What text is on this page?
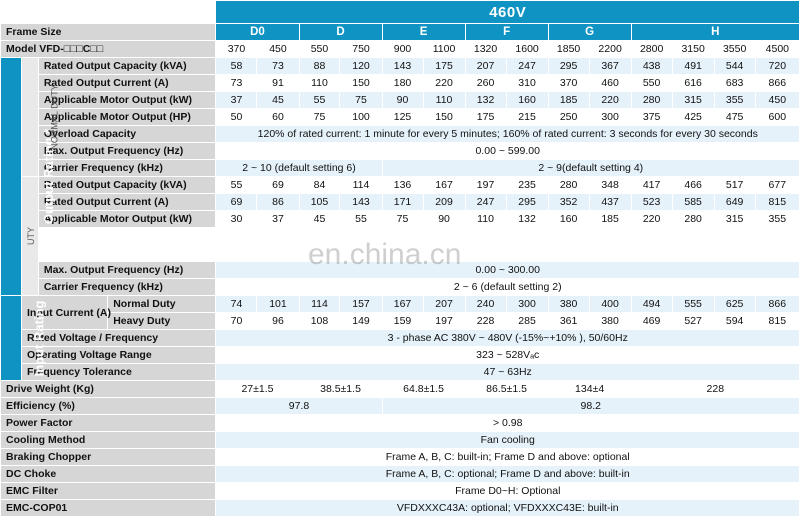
				460V													
Frame Size				D0		D		E		F		G		H			
Model VFD-□□□C□□				370	450	550	750	900	1100	1320	1600	1850	2200	2800	3150	3550	4500
Output Rating *	NORMAL DUTY	Rated Output Capacity (kVA)		58	73	88	120	143	175	207	247	295	367	438	491	544	720
		Rated Output Current (A)		73	91	110	150	180	220	260	310	370	460	550	616	683	866
		Applicable Motor Output (kW)		37	45	55	75	90	110	132	160	185	220	280	315	355	450
		Applicable Motor Output (HP)		50	60	75	100	125	150	175	215	250	300	375	425	475	600
		Overload Capacity		120% of rated current: 1 minute for every 5 minutes; 160% of rated current: 3 seconds for every 30 seconds													
		Max. Output Frequency (Hz)		0.00 ~ 599.00													
		Carrier Frequency (kHz)		2 ~ 10 (default setting 6)				2 ~ 9(default setting 4)									
	UTY	Rated Output Capacity (kVA)		55	69	84	114	136	167	197	235	280	348	417	466	517	677
		Rated Output Current (A)		69	86	105	143	171	209	247	295	352	437	523	585	649	815
		Applicable Motor Output (kW)		30	37	45	55	75	90	110	132	160	185	220	280	315	355

		Max. Output Frequency (Hz)		0.00 ~ 300.00													
		Carrier Frequency (kHz)		2 ~ 6 (default setting 2)													
Input Rating	Input Current (A)		Normal Duty	74	101	114	157	167	207	240	300	380	400	494	555	625	866
			Heavy Duty	70	96	108	149	159	197	228	285	361	380	469	527	594	815
	Rated Voltage / Frequency			3 - phase AC 380V ~ 480V (-15%~+10% ), 50/60Hz													
	Operating Voltage Range			323 ~ 528Vₐc													
	Frequency Tolerance			47 ~ 63Hz													
Drive Weight (Kg)				27±1.5		38.5±1.5		64.8±1.5		86.5±1.5		134±4		228			
Efficiency (%)				97.8				98.2									
Power Factor				> 0.98													
Cooling Method				Fan cooling													
Braking Chopper				Frame A, B, C: built-in; Frame D and above: optional													
DC Choke				Frame A, B, C: optional; Frame D and above: built-in													
EMC Filter				Frame D0~H: Optional													
EMC-COP01				VFDXXXC43A: optional; VFDXXXC43E: built-in													
en.china.cn
